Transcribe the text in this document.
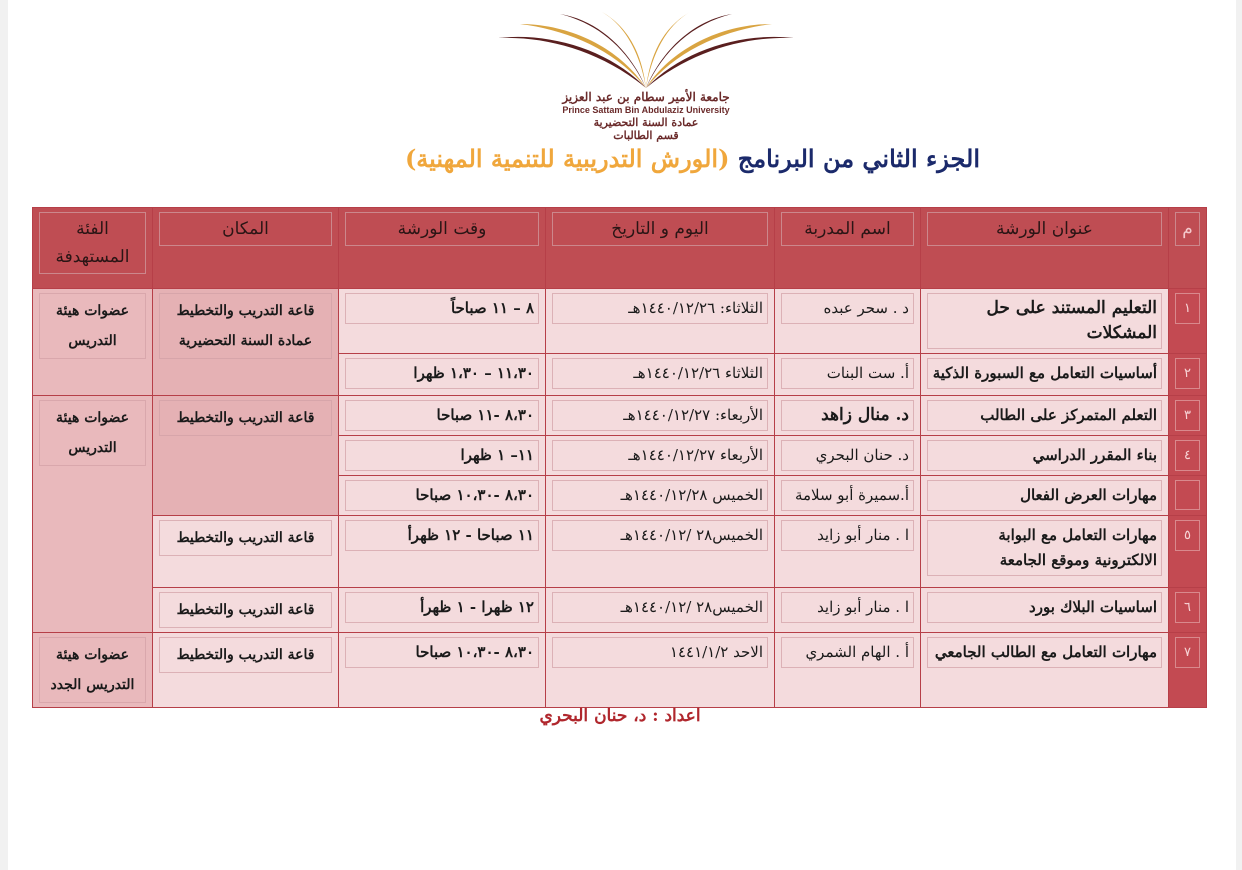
جامعة الأمير سطام بن عبد العزيز
Prince Sattam Bin Abdulaziz University
عمادة السنة التحضيرية
قسم الطالبات
الجزء الثاني من البرنامج (الورش التدريبية للتنمية المهنية)
م	عنوان الورشة	اسم المدربة	اليوم و التاريخ	وقت الورشة	المكان	الفئة المستهدفة

١	التعليم المستند على حل المشكلات	د . سحر عبده	الثلاثاء: ١٤٤٠/١٢/٢٦هـ	٨ – ١١ صباحاً	قاعة التدريب والتخطيط عمادة السنة التحضيرية	عضوات هيئة التدريس

٢	أساسيات التعامل مع السبورة الذكية	أ. ست البنات	الثلاثاء ١٤٤٠/١٢/٢٦هـ	١١،٣٠ – ١،٣٠ ظهرا		

٣	التعلم المتمركز على الطالب	د. منال زاهد	الأربعاء: ١٤٤٠/١٢/٢٧هـ	٨،٣٠ -١١ صباحا	قاعة التدريب والتخطيط	عضوات هيئة التدريس

٤	بناء المقرر الدراسي	د. حنان البحري	الأربعاء ١٤٤٠/١٢/٢٧هـ	١١– ١ ظهرا		

	مهارات العرض الفعال	أ.سميرة أبو سلامة	الخميس ١٤٤٠/١٢/٢٨هـ	٨،٣٠ -١٠،٣٠ صباحا		

٥	مهارات التعامل مع البوابة الالكترونية وموقع الجامعة	ا . منار أبو زايد	الخميس٢٨ /١٤٤٠/١٢هـ	١١ صباحا - ١٢ ظهرأ	قاعة التدريب والتخطيط	

٦	اساسيات البلاك بورد	ا . منار أبو زايد	الخميس٢٨ /١٤٤٠/١٢هـ	١٢ ظهرا - ١ ظهرأ	قاعة التدريب والتخطيط	

٧	مهارات التعامل مع الطالب الجامعي	أ . الهام الشمري	الاحد ١٤٤١/١/٢	٨،٣٠ -١٠،٣٠ صباحا	قاعة التدريب والتخطيط	عضوات هيئة التدريس الجدد
اعداد : د، حنان البحري
